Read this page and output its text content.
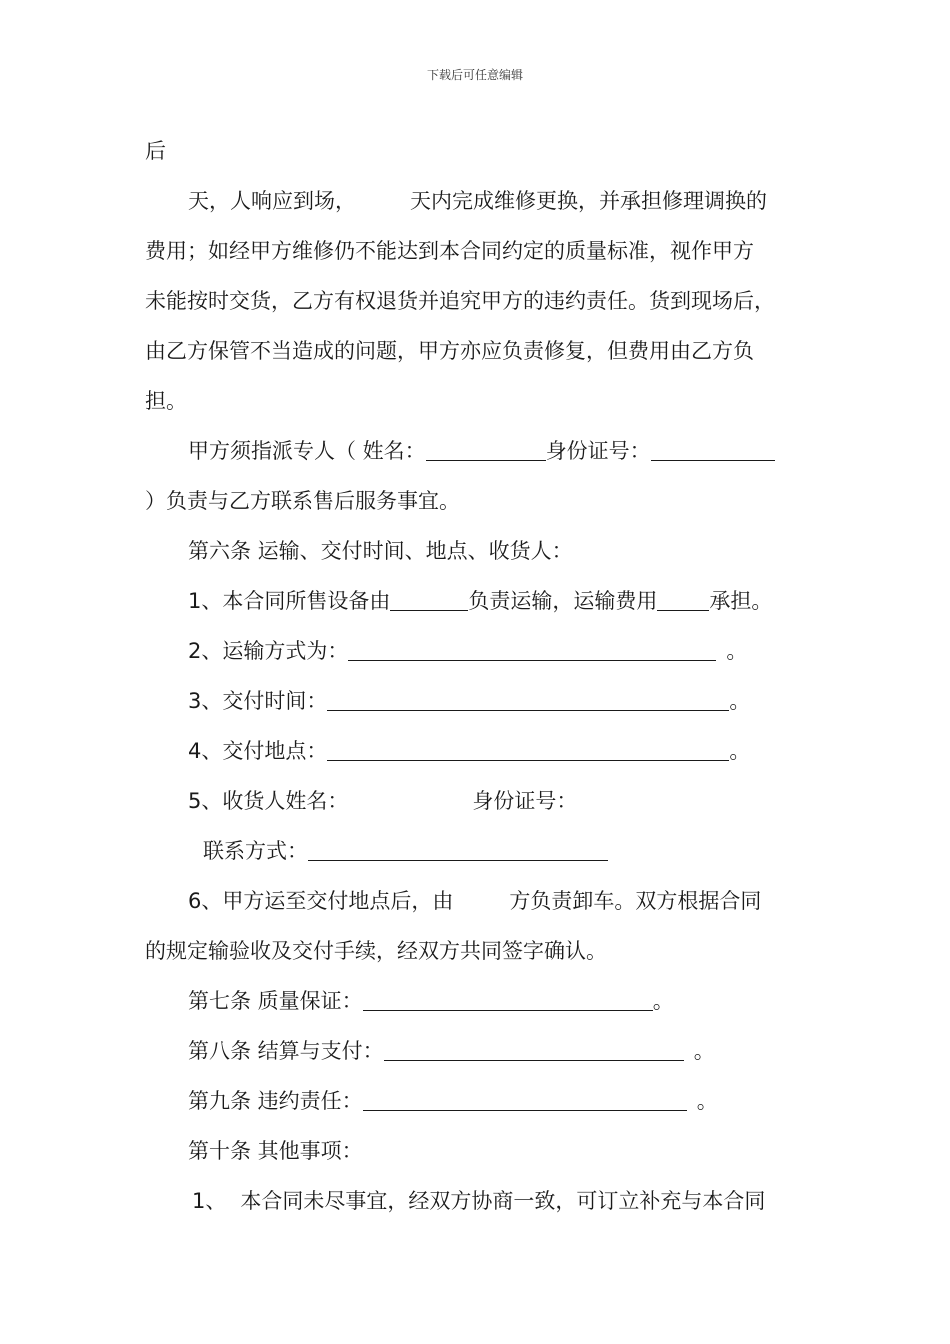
下载后可任意编辑
后
天，人响应到场，	天内完成维修更换，并承担修理调换的
费用；如经甲方维修仍不能达到本合同约定的质量标准，视作甲方
未能按时交货，乙方有权退货并追究甲方的违约责任。货到现场后，
由乙方保管不当造成的问题，甲方亦应负责修复，但费用由乙方负
担。
甲方须指派专人（ 姓名：	身份证号：
）负责与乙方联系售后服务事宜。
第六条 运输、交付时间、地点、收货人：
1、本合同所售设备由	负责运输，运输费用 承担。
2、运输方式为：	。
3、交付时间：	。
4、交付地点：	。
5、收货人姓名：	身份证号：
联系方式：
6、甲方运至交付地点后，由	方负责卸车。双方根据合同
的规定输验收及交付手续，经双方共同签字确认。
第七条 质量保证：	。
第八条 结算与支付：	。
第九条 违约责任：	。
第十条 其他事项：
1、 本合同未尽事宜，经双方协商一致，可订立补充与本合同
